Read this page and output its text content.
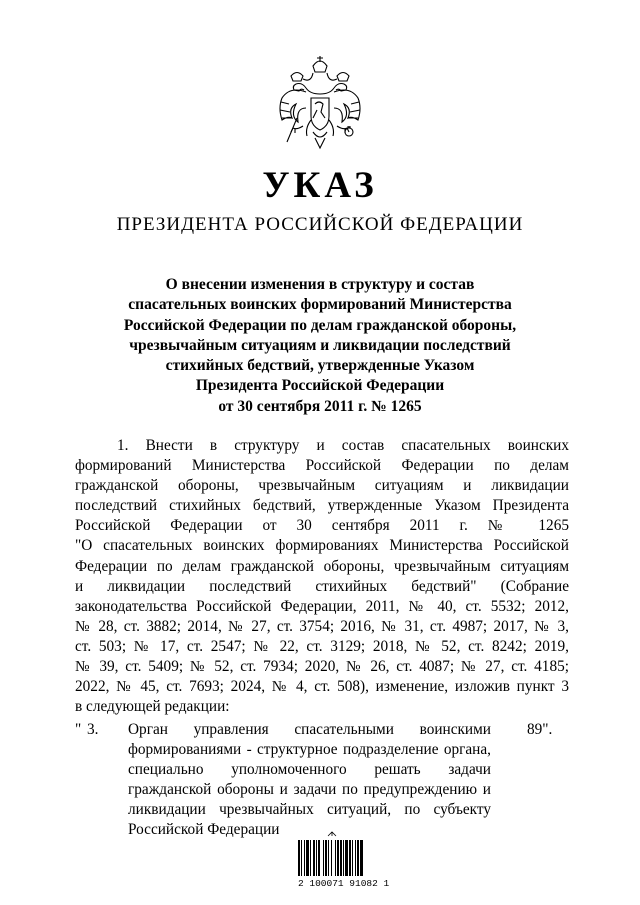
УКАЗ
ПРЕЗИДЕНТА РОССИЙСКОЙ ФЕДЕРАЦИИ
О внесении изменения в структуру и состав
спасательных воинских формирований Министерства
Российской Федерации по делам гражданской обороны,
чрезвычайным ситуациям и ликвидации последствий
стихийных бедствий, утвержденные Указом
Президента Российской Федерации
от 30 сентября 2011 г. № 1265
1. Внести в структуру и состав спасательных воинских
формирований Министерства Российской Федерации по делам
гражданской обороны, чрезвычайным ситуациям и ликвидации
последствий стихийных бедствий, утвержденные Указом Президента
Российской Федерации от 30 сентября 2011 г. № 1265
"О спасательных воинских формированиях Министерства Российской
Федерации по делам гражданской обороны, чрезвычайным ситуациям
и ликвидации последствий стихийных бедствий" (Собрание
законодательства Российской Федерации, 2011, № 40, ст. 5532; 2012,
№ 28, ст. 3882; 2014, № 27, ст. 3754; 2016, № 31, ст. 4987; 2017, № 3,
ст. 503; № 17, ст. 2547; № 22, ст. 3129; 2018, № 52, ст. 8242; 2019,
№ 39, ст. 5409; № 52, ст. 7934; 2020, № 26, ст. 4087; № 27, ст. 4185;
2022, № 45, ст. 7693; 2024, № 4, ст. 508), изменение, изложив пункт 3
в следующей редакции:
" 3. Орган управления спасательными воинскими
формированиями - структурное подразделение органа,
специально уполномоченного решать задачи
гражданской обороны и задачи по предупреждению и
ликвидации чрезвычайных ситуаций, по субъекту
Российской Федерации
89".
2 100071 91082 1
